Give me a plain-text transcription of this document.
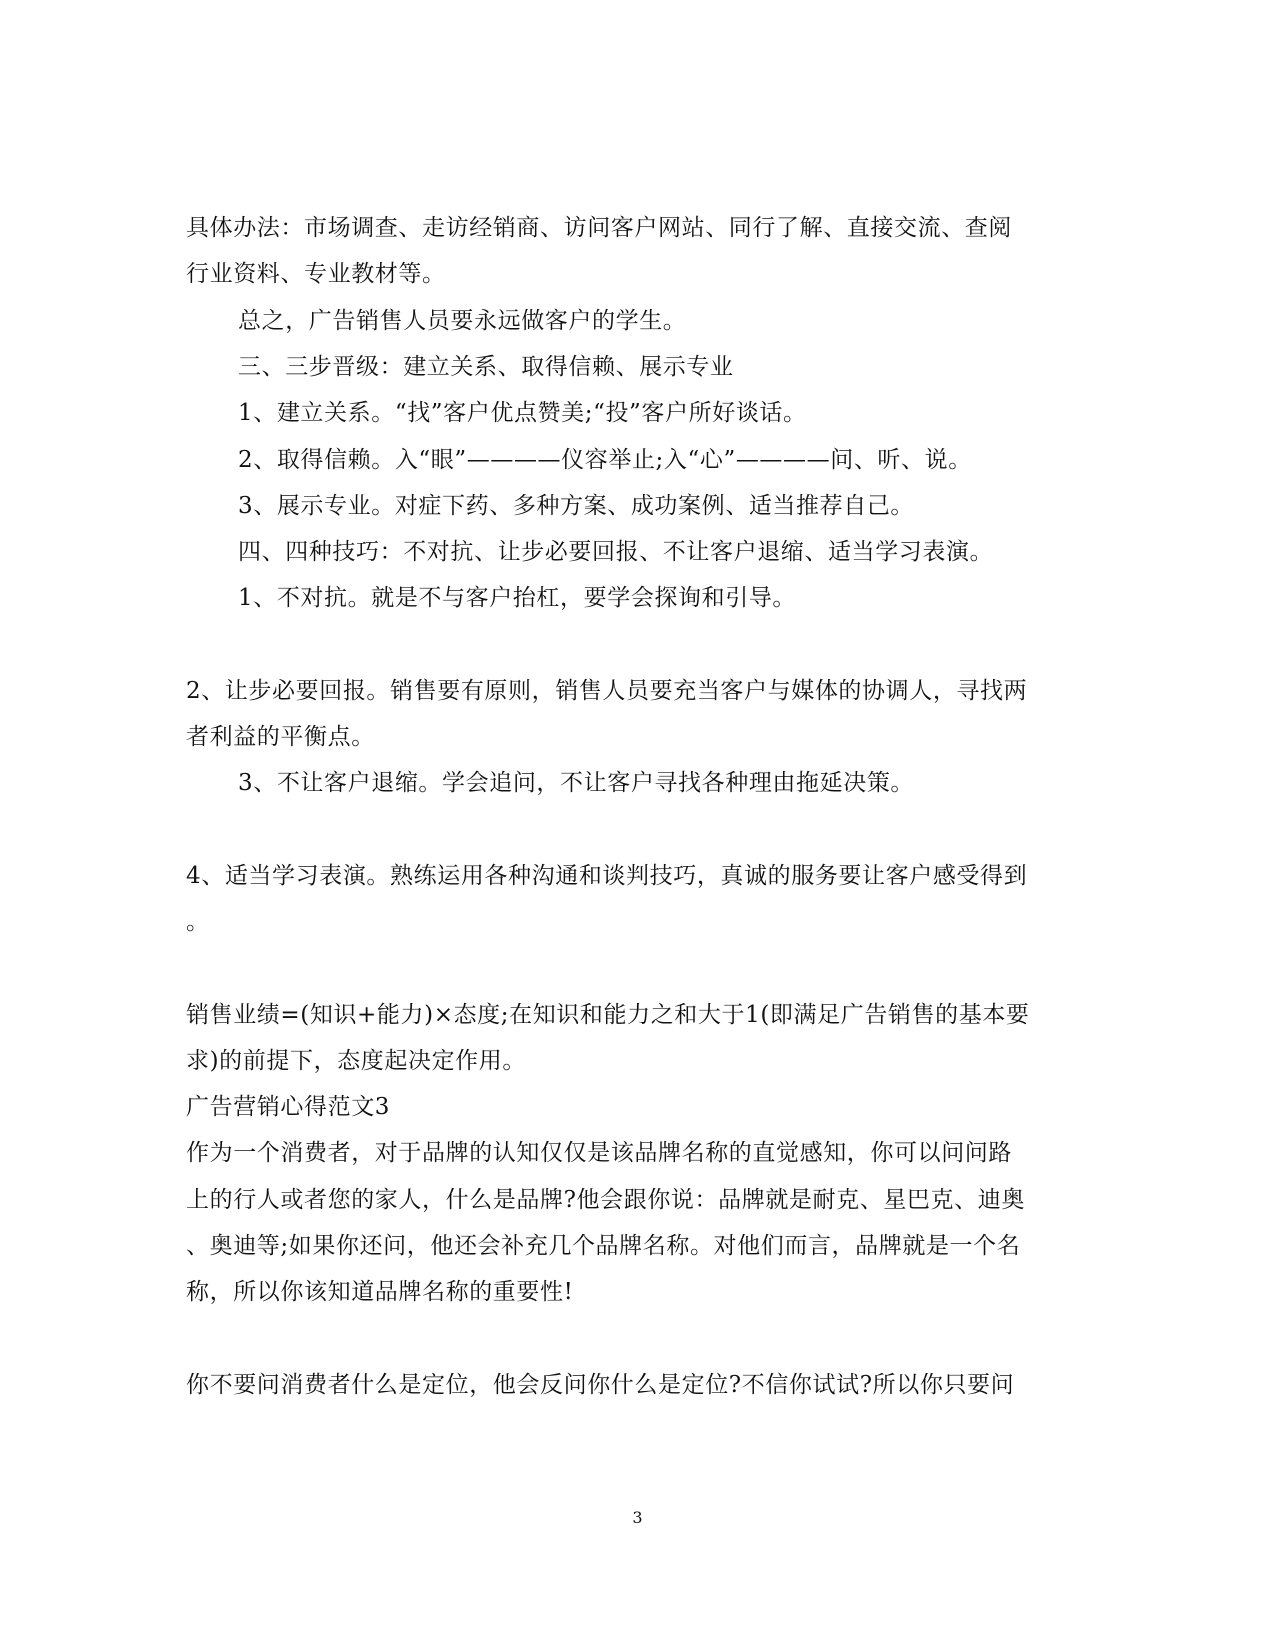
具体办法：市场调查、走访经销商、访问客户网站、同行了解、直接交流、查阅
行业资料、专业教材等。
总之，广告销售人员要永远做客户的学生。
三、三步晋级：建立关系、取得信赖、展示专业
1、建立关系。“找”客户优点赞美;“投”客户所好谈话。
2、取得信赖。入“眼”————仪容举止;入“心”————问、听、说。
3、展示专业。对症下药、多种方案、成功案例、适当推荐自己。
四、四种技巧：不对抗、让步必要回报、不让客户退缩、适当学习表演。
1、不对抗。就是不与客户抬杠，要学会探询和引导。
2、让步必要回报。销售要有原则，销售人员要充当客户与媒体的协调人，寻找两
者利益的平衡点。
3、不让客户退缩。学会追问，不让客户寻找各种理由拖延决策。
4、适当学习表演。熟练运用各种沟通和谈判技巧，真诚的服务要让客户感受得到
。
销售业绩=(知识+能力)×态度;在知识和能力之和大于1(即满足广告销售的基本要
求)的前提下，态度起决定作用。
广告营销心得范文3
作为一个消费者，对于品牌的认知仅仅是该品牌名称的直觉感知，你可以问问路
上的行人或者您的家人，什么是品牌?他会跟你说：品牌就是耐克、星巴克、迪奥
、奥迪等;如果你还问，他还会补充几个品牌名称。对他们而言，品牌就是一个名
称，所以你该知道品牌名称的重要性!
你不要问消费者什么是定位，他会反问你什么是定位?不信你试试?所以你只要问
3
